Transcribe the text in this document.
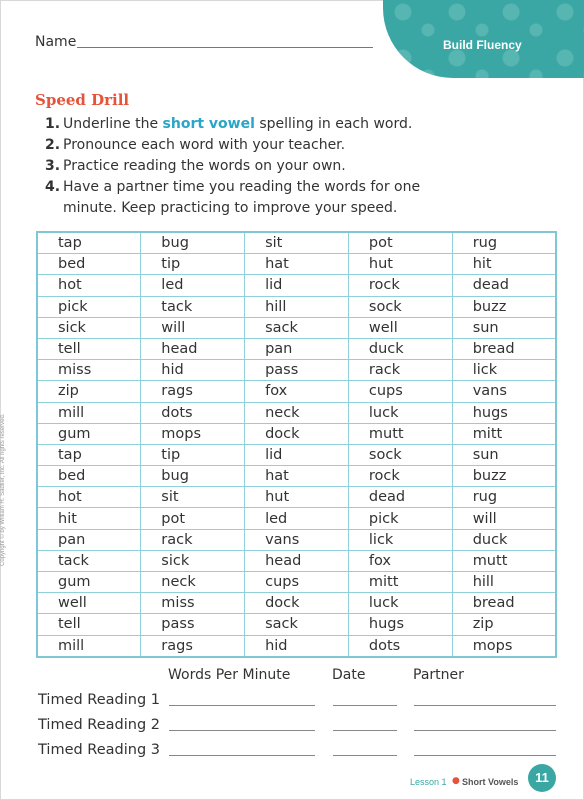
Name	Build Fluency
Speed Drill
1. Underline the short vowel spelling in each word.
2. Pronounce each word with your teacher.
3. Practice reading the words on your own.
4. Have a partner time you reading the words for one
minute. Keep practicing to improve your speed.
tap	bug	sit	pot	rug
bed	tip	hat	hut	hit
hot	led	lid	rock	dead
pick	tack	hill	sock	buzz
sick	will	sack	well	sun
tell	head	pan	duck	bread
miss	hid	pass	rack	lick
zip	rags	fox	cups	vans
mill	dots	neck	luck	hugs
gum	mops	dock	mutt	mitt
tap	tip	lid	sock	sun
bed	bug	hat	rock	buzz
hot	sit	hut	dead	rug
hit	pot	led	pick	will
pan	rack	vans	lick	duck
tack	sick	head	fox	mutt
gum	neck	cups	mitt	hill
well	miss	dock	luck	bread
tell	pass	sack	hugs	zip
mill	rags	hid	dots	mops
Words Per Minute	Date	Partner
Timed Reading 1
Timed Reading 2
Timed Reading 3
Copyright © by William H. Sadlier, Inc. All rights reserved.
Lesson 1 ● Short Vowels	11
